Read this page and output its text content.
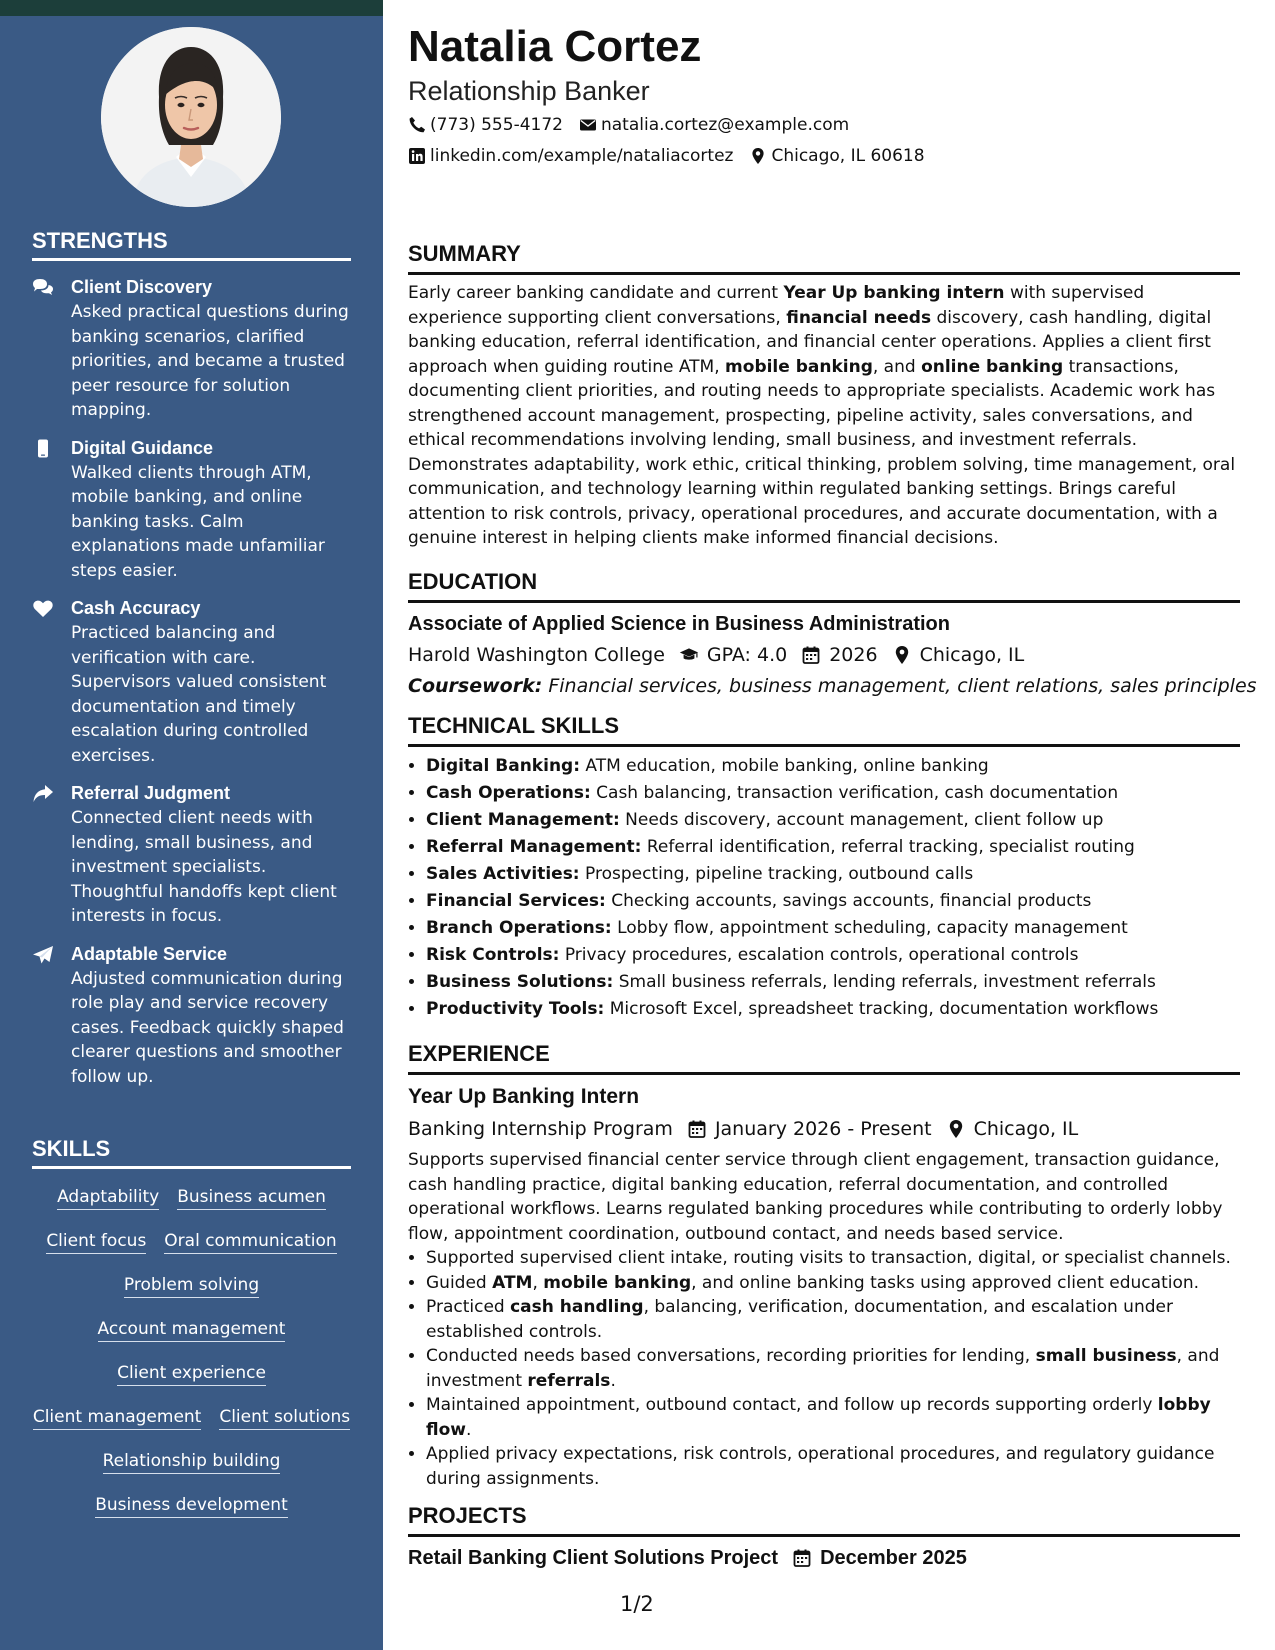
STRENGTHS
Client Discovery
Asked practical questions during banking scenarios, clarified priorities, and became a trusted peer resource for solution mapping.
Digital Guidance
Walked clients through ATM, mobile banking, and online banking tasks. Calm explanations made unfamiliar steps easier.
Cash Accuracy
Practiced balancing and verification with care. Supervisors valued consistent documentation and timely escalation during controlled exercises.
Referral Judgment
Connected client needs with lending, small business, and investment specialists. Thoughtful handoffs kept client interests in focus.
Adaptable Service
Adjusted communication during role play and service recovery cases. Feedback quickly shaped clearer questions and smoother follow up.
SKILLS
Adaptability Business acumen
Client focus Oral communication
Problem solving
Account management
Client experience
Client management Client solutions
Relationship building
Business development
Natalia Cortez
Relationship Banker
(773) 555-4172 natalia.cortez@example.com
linkedin.com/example/nataliacortez Chicago, IL 60618
SUMMARY

Early career banking candidate and current Year Up banking intern with supervised experience supporting client conversations, financial needs discovery, cash handling, digital banking education, referral identification, and financial center operations. Applies a client first approach when guiding routine ATM, mobile banking, and online banking transactions, documenting client priorities, and routing needs to appropriate specialists. Academic work has strengthened account management, prospecting, pipeline activity, sales conversations, and ethical recommendations involving lending, small business, and investment referrals. Demonstrates adaptability, work ethic, critical thinking, problem solving, time management, oral communication, and technology learning within regulated banking settings. Brings careful attention to risk controls, privacy, operational procedures, and accurate documentation, with a genuine interest in helping clients make informed financial decisions.

EDUCATION
Associate of Applied Science in Business Administration
Harold Washington College GPA: 4.0 2026 Chicago, IL
Coursework: Financial services, business management, client relations, sales principles
TECHNICAL SKILLS
• Digital Banking: ATM education, mobile banking, online banking
• Cash Operations: Cash balancing, transaction verification, cash documentation
• Client Management: Needs discovery, account management, client follow up
• Referral Management: Referral identification, referral tracking, specialist routing
• Sales Activities: Prospecting, pipeline tracking, outbound calls
• Financial Services: Checking accounts, savings accounts, financial products
• Branch Operations: Lobby flow, appointment scheduling, capacity management
• Risk Controls: Privacy procedures, escalation controls, operational controls
• Business Solutions: Small business referrals, lending referrals, investment referrals
• Productivity Tools: Microsoft Excel, spreadsheet tracking, documentation workflows
EXPERIENCE
Year Up Banking Intern
Banking Internship Program January 2026 - Present Chicago, IL

Supports supervised financial center service through client engagement, transaction guidance, cash handling practice, digital banking education, referral documentation, and controlled operational workflows. Learns regulated banking procedures while contributing to orderly lobby flow, appointment coordination, outbound contact, and needs based service.

• Supported supervised client intake, routing visits to transaction, digital, or specialist channels.
• Guided ATM, mobile banking, and online banking tasks using approved client education.
• Practiced cash handling, balancing, verification, documentation, and escalation under established controls.
• Conducted needs based conversations, recording priorities for lending, small business, and investment referrals.
• Maintained appointment, outbound contact, and follow up records supporting orderly lobby flow.
• Applied privacy expectations, risk controls, operational procedures, and regulatory guidance during assignments.
PROJECTS
Retail Banking Client Solutions Project December 2025
1/2
